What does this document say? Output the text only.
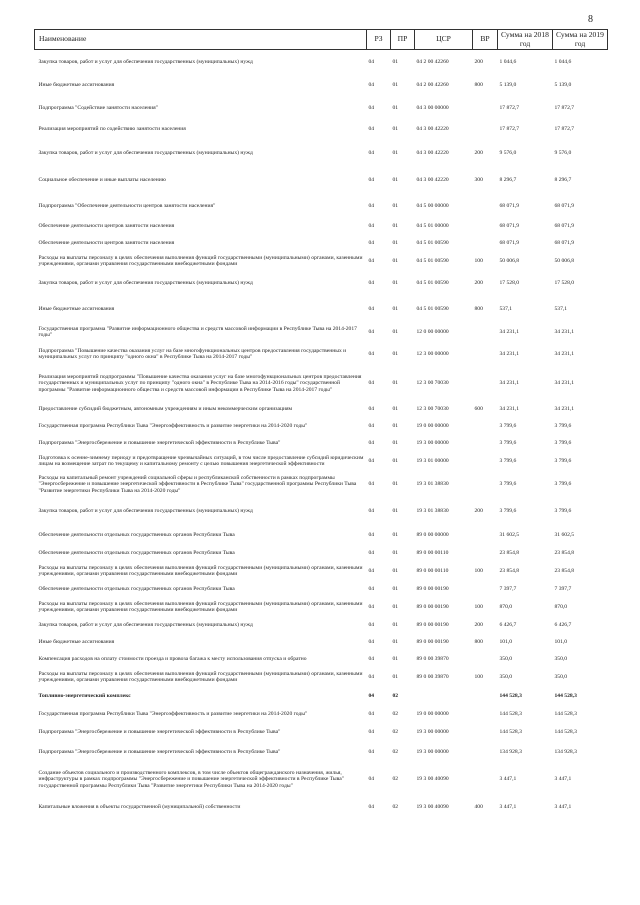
8
Наименование	РЗ	ПР	ЦСР	ВР	Сумма на 2018 год	Сумма на 2019 год
Закупка товаров, работ и услуг для обеспечения государственных (муниципальных) нужд	04	01	04 2 00 42260	200	1 044,6	1 044,6
Иные бюджетные ассигнования	04	01	04 2 00 42260	800	5 139,0	5 139,0
Подпрограмма "Содействие занятости населения"	04	01	04 3 00 00000		17 872,7	17 872,7
Реализация мероприятий по содействию занятости населения	04	01	04 3 00 42220		17 872,7	17 872,7
Закупка товаров, работ и услуг для обеспечения государственных (муниципальных) нужд	04	01	04 3 00 42220	200	9 576,0	9 576,0
Социальное обеспечение и иные выплаты населению	04	01	04 3 00 42220	300	8 296,7	8 296,7
Подпрограмма "Обеспечение деятельности центров занятости населения"	04	01	04 5 00 00000		68 071,9	68 071,9
Обеспечение деятельности центров занятости населения	04	01	04 5 01 00000		68 071,9	68 071,9
Обеспечение деятельности центров занятости населения	04	01	04 5 01 00590		68 071,9	68 071,9
Расходы на выплаты персоналу в целях обеспечения выполнения функций государственными (муниципальными) органами, казенными учреждениями, органами управления государственными внебюджетными фондами	04	01	04 5 01 00590	100	50 006,8	50 006,8
Закупка товаров, работ и услуг для обеспечения государственных (муниципальных) нужд	04	01	04 5 01 00590	200	17 528,0	17 528,0
Иные бюджетные ассигнования	04	01	04 5 01 00590	800	537,1	537,1
Государственная программа "Развитие информационного общества и средств массовой информации в Республике Тыва на 2014-2017 годы"	04	01	12 0 00 00000		34 231,1	34 231,1
Подпрограмма "Повышение качества оказания услуг на базе многофункциональных центров предоставления государственных и муниципальных услуг по принципу "одного окна" в Республике Тыва на 2014-2017 годы"	04	01	12 3 00 00000		34 231,1	34 231,1
Реализация мероприятий подпрограммы "Повышение качества оказания услуг на базе многофункциональных центров предоставления государственных и муниципальных услуг по принципу "одного окна" в Республике Тыва на 2014-2016 годы" государственной программы "Развитие информационного общества и средств массовой информации в Республике Тыва на 2014-2017 годы"	04	01	12 3 00 70030		34 231,1	34 231,1
Предоставление субсидий бюджетным, автономным учреждениям и иным некоммерческим организациям	04	01	12 3 00 70030	600	34 231,1	34 231,1
Государственная программа Республики Тыва "Энергоэффективность и развитие энергетики на 2014-2020 годы"	04	01	19 0 00 00000		3 799,6	3 799,6
Подпрограмма "Энергосбережение и повышение энергетической эффективности в Республике Тыва"	04	01	19 3 00 00000		3 799,6	3 799,6
Подготовка к осенне-зимнему периоду и предотвращение чрезвычайных ситуаций, в том числе предоставление субсидий юридическим лицам на возмещение затрат по текущему и капитальному ремонту с целью повышения энергетической эффективности	04	01	19 3 01 00000		3 799,6	3 799,6
Расходы на капитальный ремонт учреждений социальной сферы и республиканской собственности в рамках подпрограммы "Энергосбережение и повышение энергетической эффективности в Республике Тыва" государственной программы Республики Тыва "Развитие энергетики Республики Тыва на 2014-2020 годы"	04	01	19 3 01 38830		3 799,6	3 799,6
Закупка товаров, работ и услуг для обеспечения государственных (муниципальных) нужд	04	01	19 3 01 38830	200	3 799,6	3 799,6
Обеспечение деятельности отдельных государственных органов Республики Тыва	04	01	89 0 00 00000		31 602,5	31 602,5
Обеспечение деятельности отдельных государственных органов Республики Тыва	04	01	89 0 00 00110		23 854,8	23 854,8
Расходы на выплаты персоналу в целях обеспечения выполнения функций государственными (муниципальными) органами, казенными учреждениями, органами управления государственными внебюджетными фондами	04	01	89 0 00 00110	100	23 854,8	23 854,8
Обеспечение деятельности отдельных государственных органов Республики Тыва	04	01	89 0 00 00190		7 397,7	7 397,7
Расходы на выплаты персоналу в целях обеспечения выполнения функций государственными (муниципальными) органами, казенными учреждениями, органами управления государственными внебюджетными фондами	04	01	89 0 00 00190	100	870,0	870,0
Закупка товаров, работ и услуг для обеспечения государственных (муниципальных) нужд	04	01	89 0 00 00190	200	6 426,7	6 426,7
Иные бюджетные ассигнования	04	01	89 0 00 00190	800	101,0	101,0
Компенсация расходов на оплату стоимости проезда и провоза багажа к месту использования отпуска и обратно	04	01	89 0 00 39870		350,0	350,0
Расходы на выплаты персоналу в целях обеспечения выполнения функций государственными (муниципальными) органами, казенными учреждениями, органами управления государственными внебюджетными фондами	04	01	89 0 00 39870	100	350,0	350,0
Топливно-энергетический комплекс	04	02			144 528,3	144 528,3
Государственная программа Республики Тыва "Энергоэффективность и развитие энергетики на 2014-2020 годы"	04	02	19 0 00 00000		144 528,3	144 528,3
Подпрограмма "Энергосбережение и повышение энергетической эффективности в Республике Тыва"	04	02	19 3 00 00000		144 528,3	144 528,3
Подпрограмма "Энергосбережение и повышение энергетической эффективности в Республике Тыва"	04	02	19 3 00 00000		134 928,3	134 928,3
Создание объектов социального и производственного комплексов, в том числе объектов общегражданского назначения, жилья, инфраструктуры в рамках подпрограммы "Энергосбережение и повышение энергетической эффективности в Республике Тыва" государственной программы Республики Тыва "Развитие энергетики Республики Тыва на 2014-2020 годы"	04	02	19 3 00 40090		3 447,1	3 447,1
Капитальные вложения в объекты государственной (муниципальной) собственности	04	02	19 3 00 40090	400	3 447,1	3 447,1
